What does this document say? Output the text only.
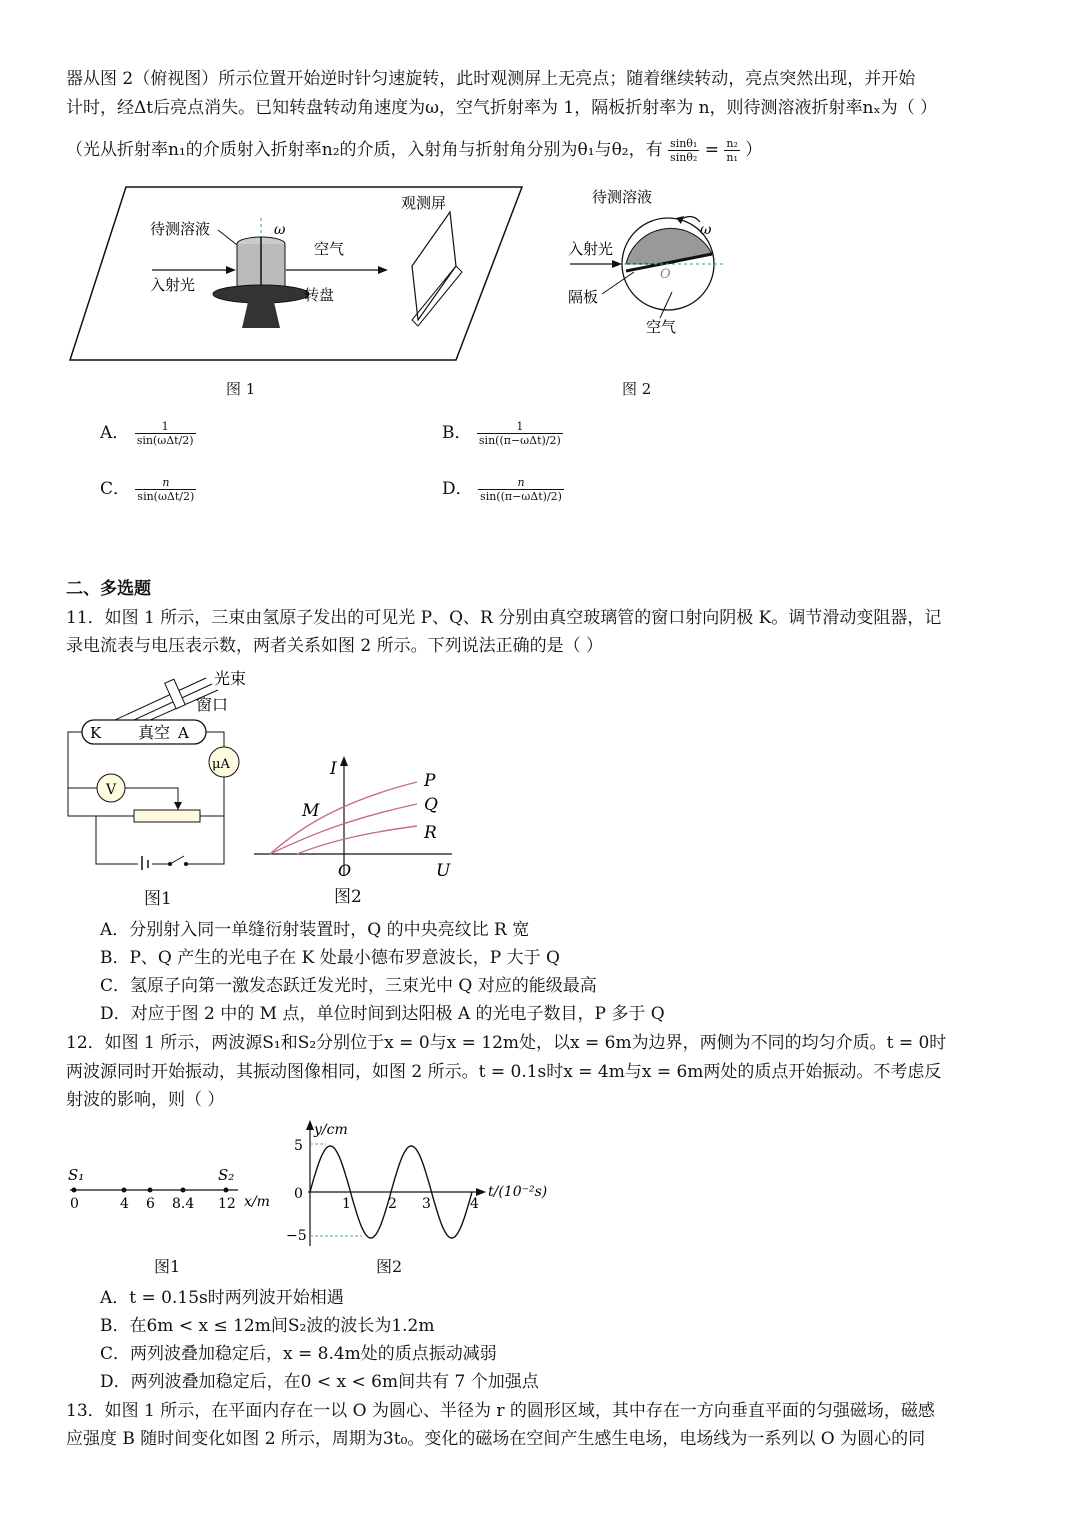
器从图 2（俯视图）所示位置开始逆时针匀速旋转，此时观测屏上无亮点；随着继续转动，亮点突然出现，并开始
计时，经Δt后亮点消失。已知转盘转动角速度为ω，空气折射率为 1，隔板折射率为 n，则待测溶液折射率nₓ为（ ）
（光从折射率n₁的介质射入折射率n₂的介质，入射角与折射角分别为θ₁与θ₂，有 $\frac{\text{sinθ₁}}{\text{sinθ₂}} = \frac{\text{n₂}}{\text{n₁}}$ ）
待测溶液	ω
空气
入射光
转盘
观测屏
图 1
待测溶液
入射光
O
ω
隔板
空气
图 2
A． $\frac{1}{\text{sin(ωΔt/2)}}$	B． $\frac{1}{\text{sin((π−ωΔt)/2)}}$
C． $\frac{n}{\text{sin(ωΔt/2)}}$	D． $\frac{n}{\text{sin((π−ωΔt)/2)}}$
二、多选题
11．如图 1 所示，三束由氢原子发出的可见光 P、Q、R 分别由真空玻璃管的窗口射向阴极 K。调节滑动变阻器，记
录电流表与电压表示数，两者关系如图 2 所示。下列说法正确的是（ ）
光束
窗口
K 真空 A
μA
V
图1
I
U
O
P
Q
R
M
图2
A．分别射入同一单缝衍射装置时，Q 的中央亮纹比 R 宽
B．P、Q 产生的光电子在 K 处最小德布罗意波长，P 大于 Q
C．氢原子向第一激发态跃迁发光时，三束光中 Q 对应的能级最高
D．对应于图 2 中的 M 点，单位时间到达阳极 A 的光电子数目，P 多于 Q
12．如图 1 所示，两波源S₁和S₂分别位于x = 0与x = 12m处，以x = 6m为边界，两侧为不同的均匀介质。t = 0时
两波源同时开始振动，其振动图像相同，如图 2 所示。t = 0.1s时x = 4m与x = 6m两处的质点开始振动。不考虑反
射波的影响，则（ ）
S₁	S₂
0	4 6 8.4 12 x/m
图1
y/cm
t/(10⁻²s)
5
0
−5
1	2 3	4
图2
A．t = 0.15s时两列波开始相遇
B．在6m < x ≤ 12m间S₂波的波长为1.2m
C．两列波叠加稳定后，x = 8.4m处的质点振动减弱
D．两列波叠加稳定后，在0 < x < 6m间共有 7 个加强点
13．如图 1 所示，在平面内存在一以 O 为圆心、半径为 r 的圆形区域，其中存在一方向垂直平面的匀强磁场，磁感
应强度 B 随时间变化如图 2 所示，周期为3t₀。变化的磁场在空间产生感生电场，电场线为一系列以 O 为圆心的同
